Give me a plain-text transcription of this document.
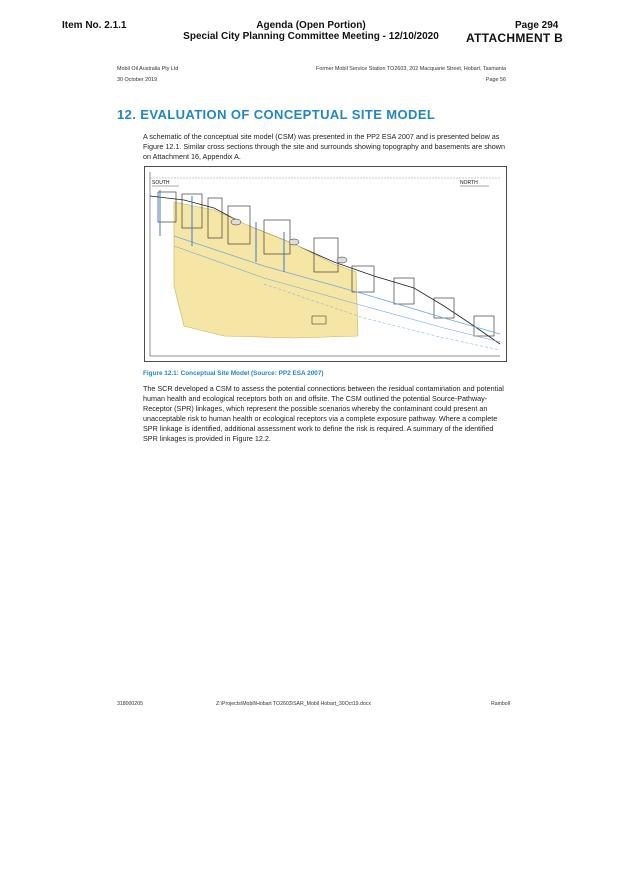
Item No. 2.1.1	Agenda (Open Portion)
Special City Planning Committee Meeting - 12/10/2020
Page 294
ATTACHMENT B
Mobil Oil Australia Pty Ltd
30 October 2019
Former Mobil Service Station TO2603, 202 Macquarie Street, Hobart, Tasmania
Page 56
12. EVALUATION OF CONCEPTUAL SITE MODEL
A schematic of the conceptual site model (CSM) was presented in the PP2 ESA 2007 and is presented below as Figure 12.1. Similar cross sections through the site and surrounds showing topography and basements are shown on Attachment 16, Appendix A.
SOUTH	NORTH
Figure 12.1: Conceptual Site Model (Source: PP2 ESA 2007)
The SCR developed a CSM to assess the potential connections between the residual contamination and potential human health and ecological receptors both on and offsite. The CSM outlined the potential Source-Pathway-Receptor (SPR) linkages, which represent the possible scenarios whereby the contaminant could present an unacceptable risk to human health or ecological receptors via a complete exposure pathway. Where a complete SPR linkage is identified, additional assessment work to define the risk is required. A summary of the identified SPR linkages is provided in Figure 12.2.
318000205	Z:\Projects\Mobil\Hobart TO2603\SAR_Mobil Hobart_30Oct19.docx	Ramboll
